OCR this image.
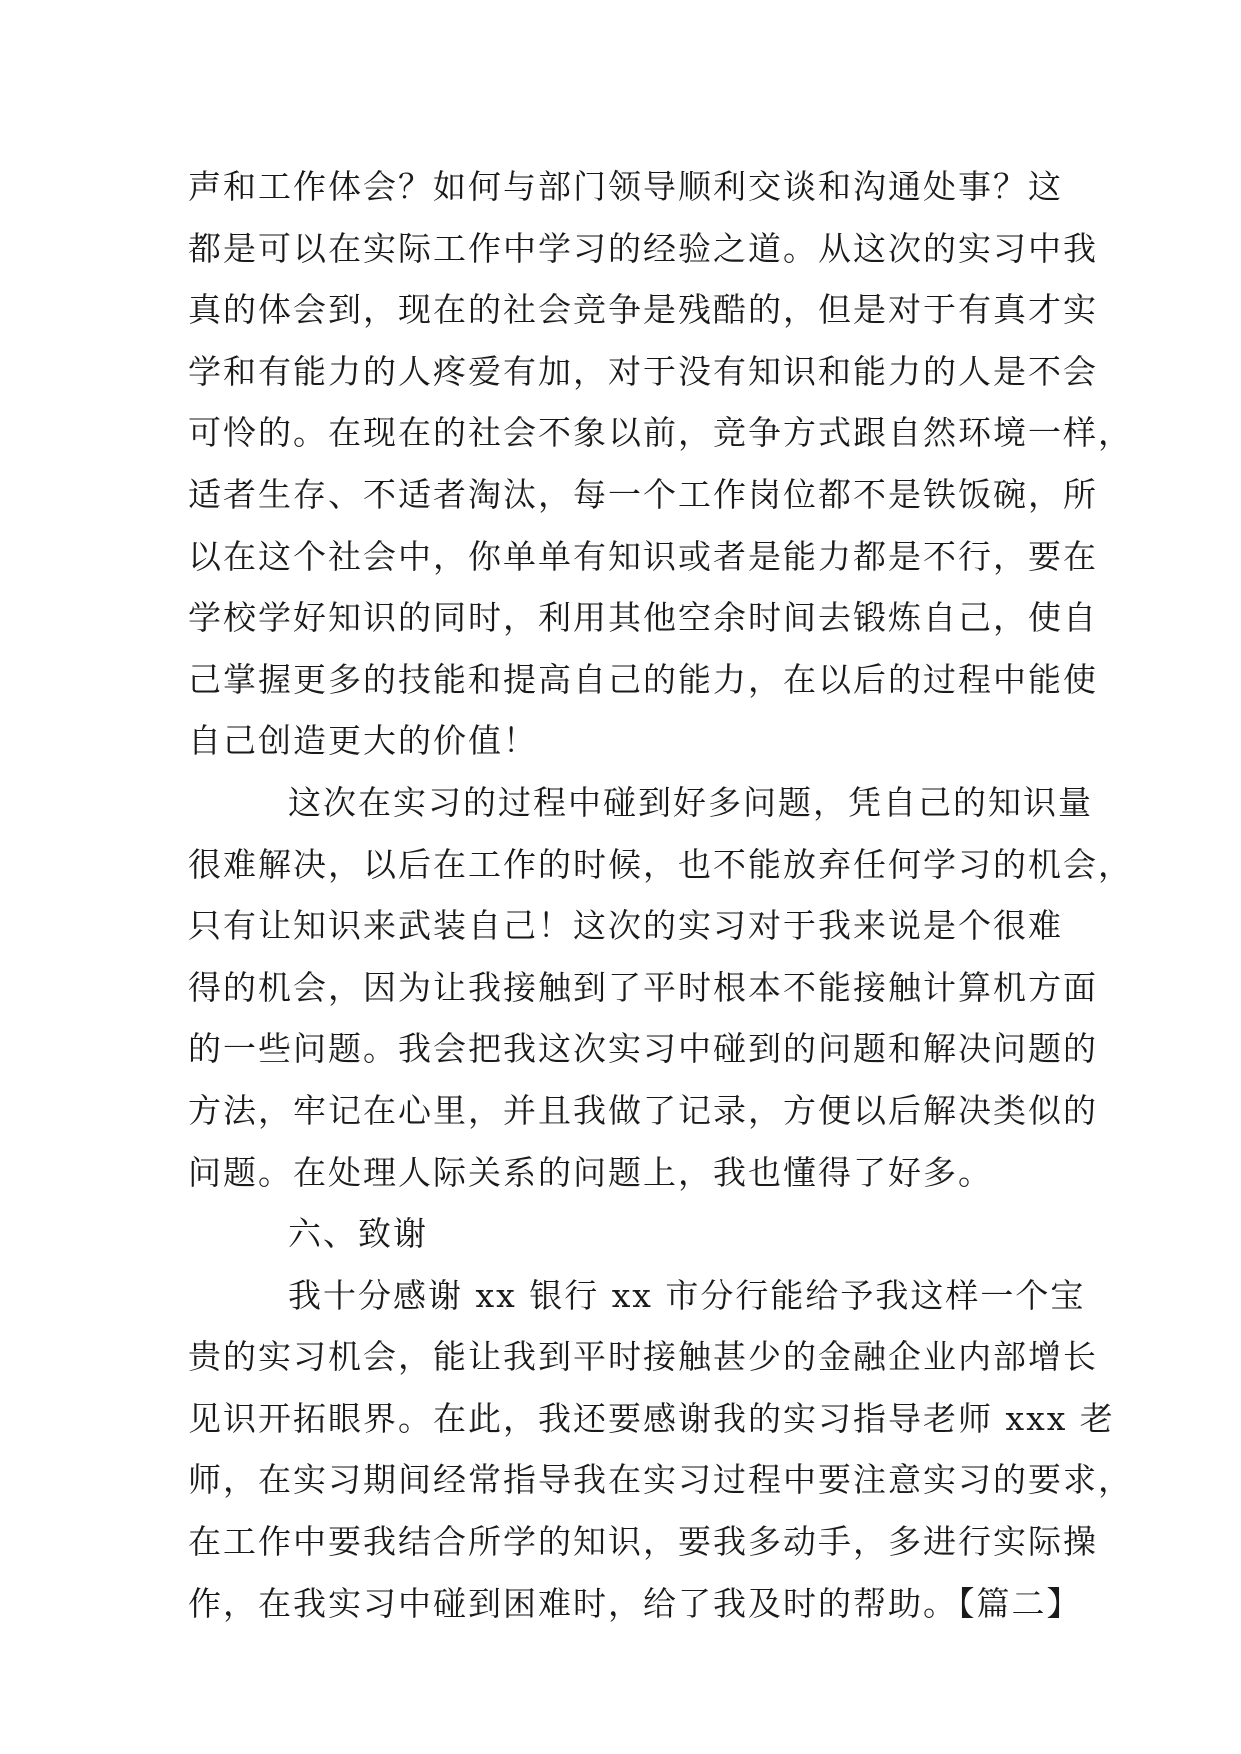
声和工作体会？如何与部门领导顺利交谈和沟通处事？这
都是可以在实际工作中学习的经验之道。从这次的实习中我
真的体会到，现在的社会竞争是残酷的，但是对于有真才实
学和有能力的人疼爱有加，对于没有知识和能力的人是不会
可怜的。在现在的社会不象以前，竞争方式跟自然环境一样，
适者生存、不适者淘汰，每一个工作岗位都不是铁饭碗，所
以在这个社会中，你单单有知识或者是能力都是不行，要在
学校学好知识的同时，利用其他空余时间去锻炼自己，使自
己掌握更多的技能和提高自己的能力，在以后的过程中能使
自己创造更大的价值！
这次在实习的过程中碰到好多问题，凭自己的知识量
很难解决，以后在工作的时候，也不能放弃任何学习的机会，
只有让知识来武装自己！这次的实习对于我来说是个很难
得的机会，因为让我接触到了平时根本不能接触计算机方面
的一些问题。我会把我这次实习中碰到的问题和解决问题的
方法，牢记在心里，并且我做了记录，方便以后解决类似的
问题。在处理人际关系的问题上，我也懂得了好多。
六、致谢
我十分感谢 xx 银行 xx 市分行能给予我这样一个宝
贵的实习机会，能让我到平时接触甚少的金融企业内部增长
见识开拓眼界。在此，我还要感谢我的实习指导老师 xxx 老
师，在实习期间经常指导我在实习过程中要注意实习的要求，
在工作中要我结合所学的知识，要我多动手，多进行实际操
作，在我实习中碰到困难时，给了我及时的帮助。【篇二】
